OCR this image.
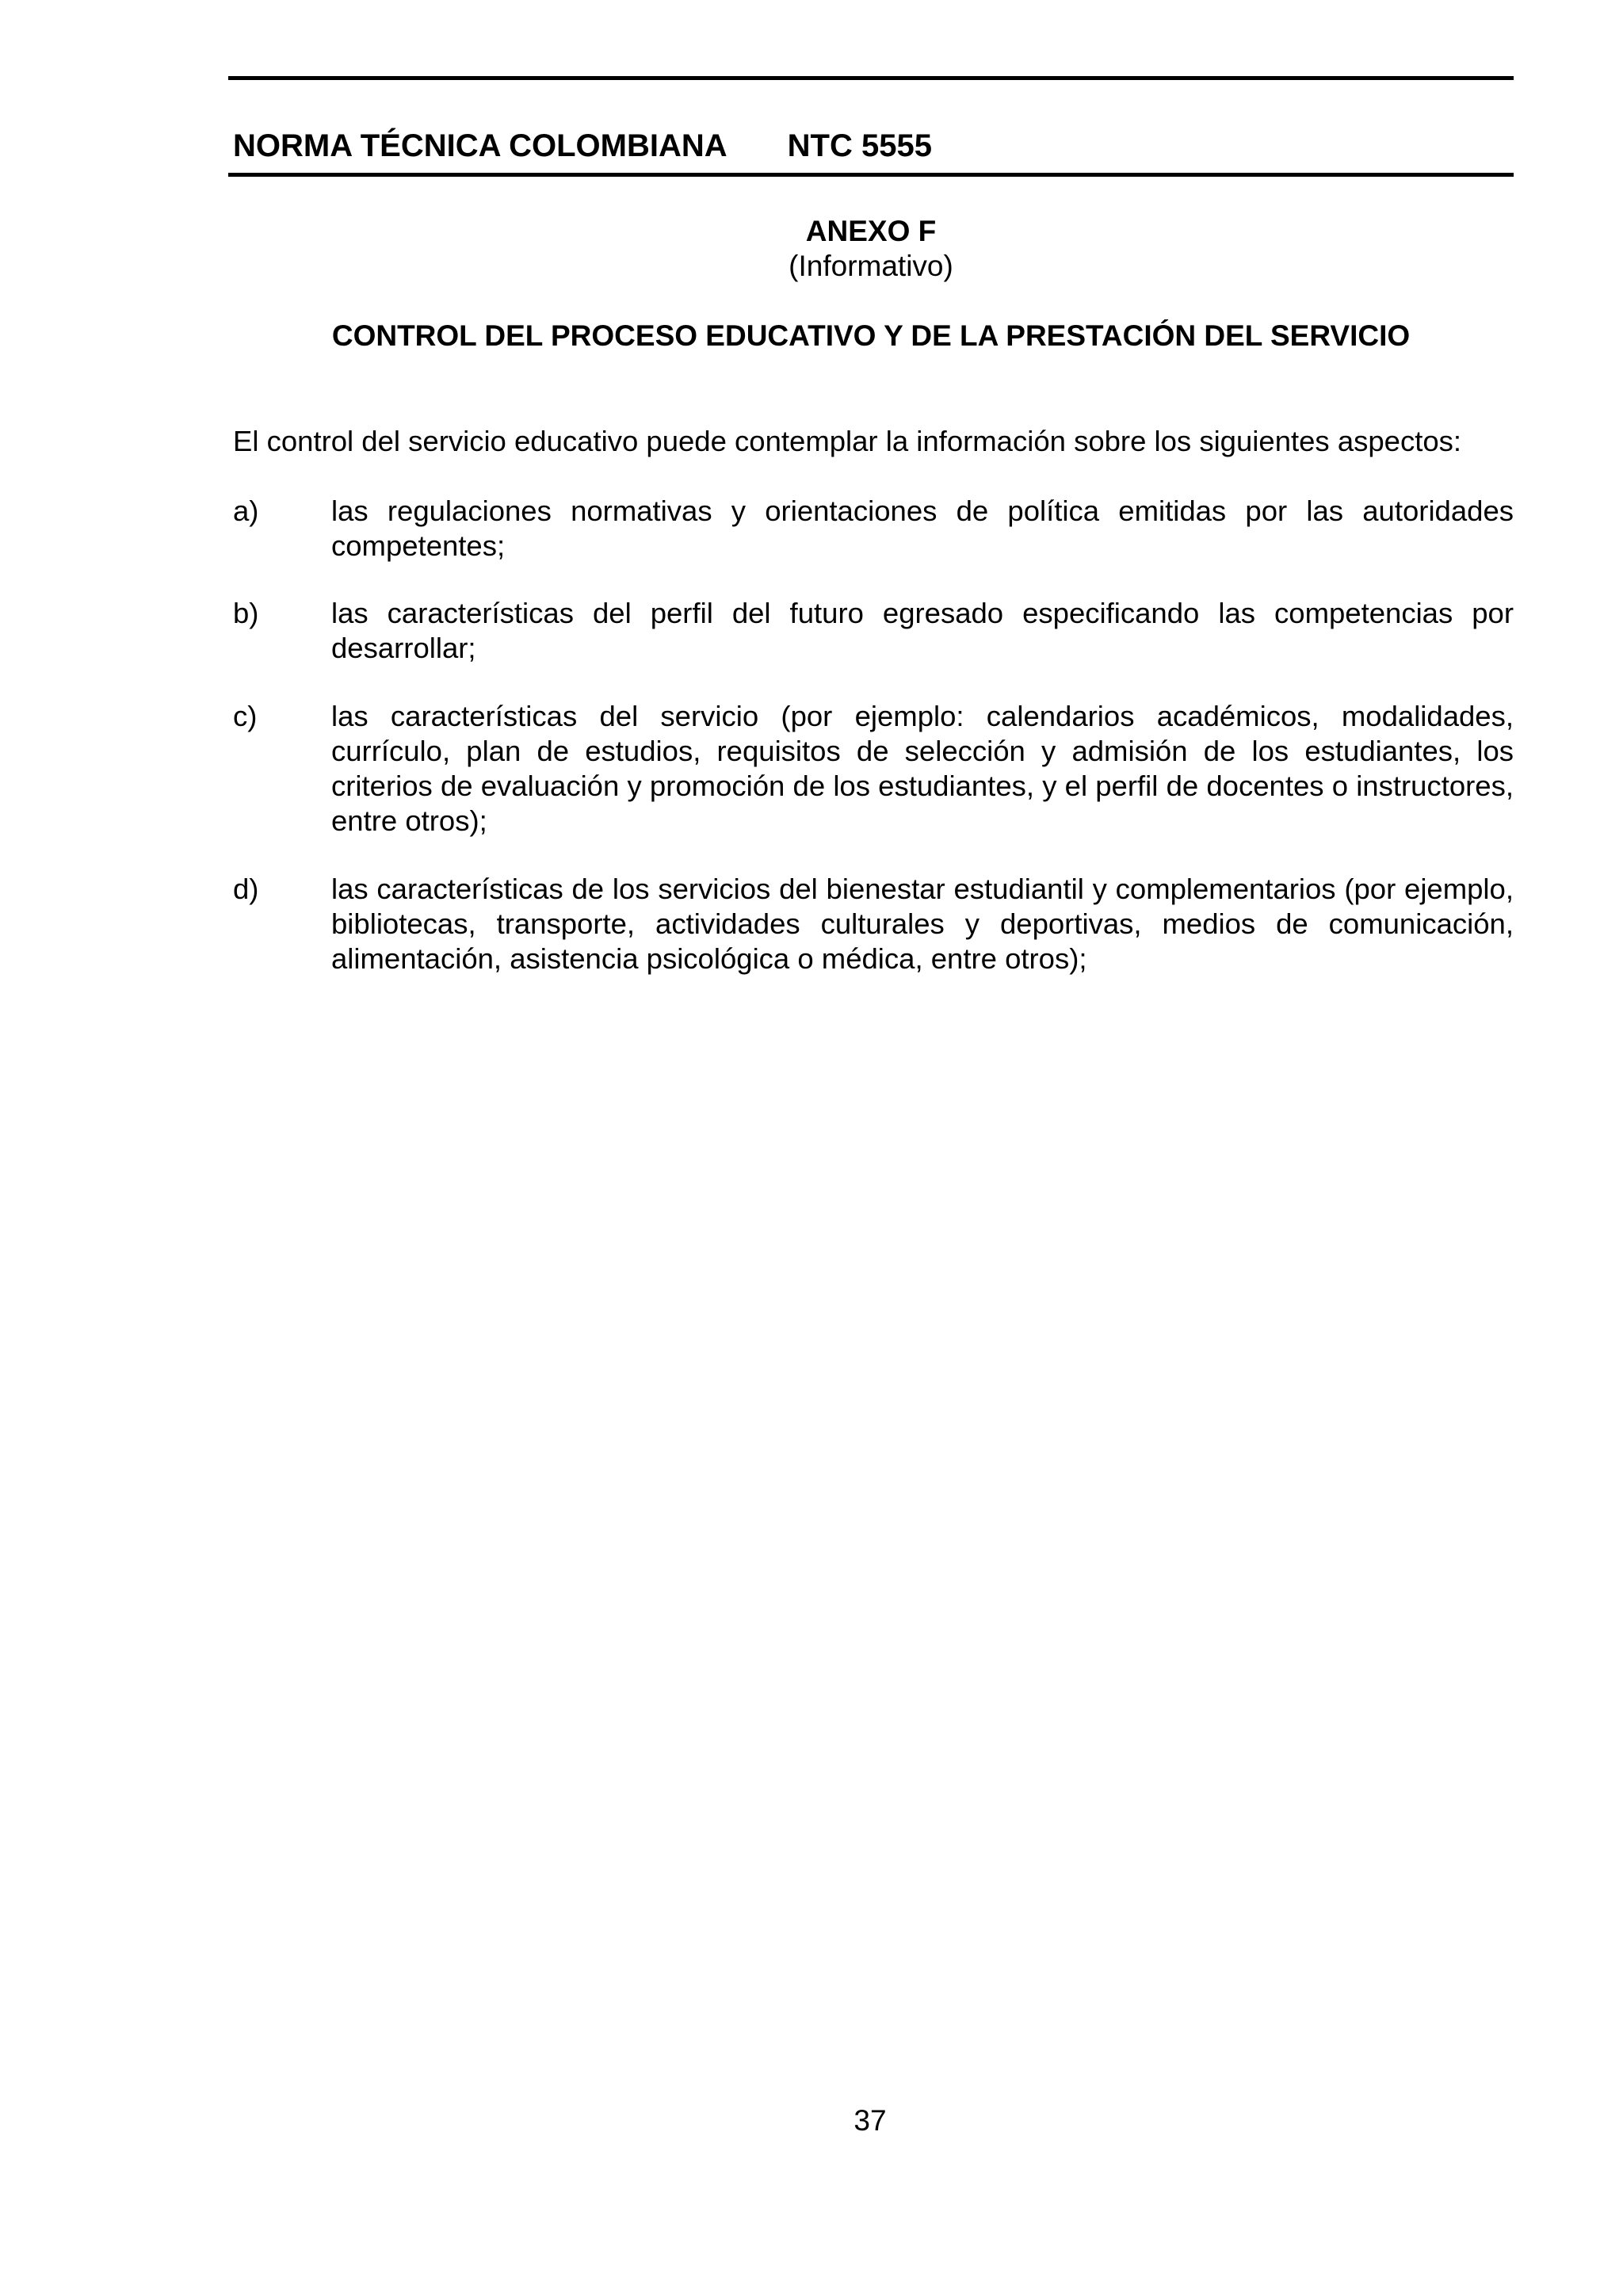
NORMA TÉCNICA COLOMBIANA NTC 5555
ANEXO F
(Informativo)
CONTROL DEL PROCESO EDUCATIVO Y DE LA PRESTACIÓN DEL SERVICIO
El control del servicio educativo puede contemplar la información sobre los siguientes aspectos:
a)	las regulaciones normativas y orientaciones de política emitidas por las autoridades competentes;
b)	las características del perfil del futuro egresado especificando las competencias por desarrollar;
c)	las características del servicio (por ejemplo: calendarios académicos, modalidades, currículo, plan de estudios, requisitos de selección y admisión de los estudiantes, los criterios de evaluación y promoción de los estudiantes, y el perfil de docentes o instructores, entre otros);
d)	las características de los servicios del bienestar estudiantil y complementarios (por ejemplo, bibliotecas, transporte, actividades culturales y deportivas, medios de comunicación, alimentación, asistencia psicológica o médica, entre otros);
37
